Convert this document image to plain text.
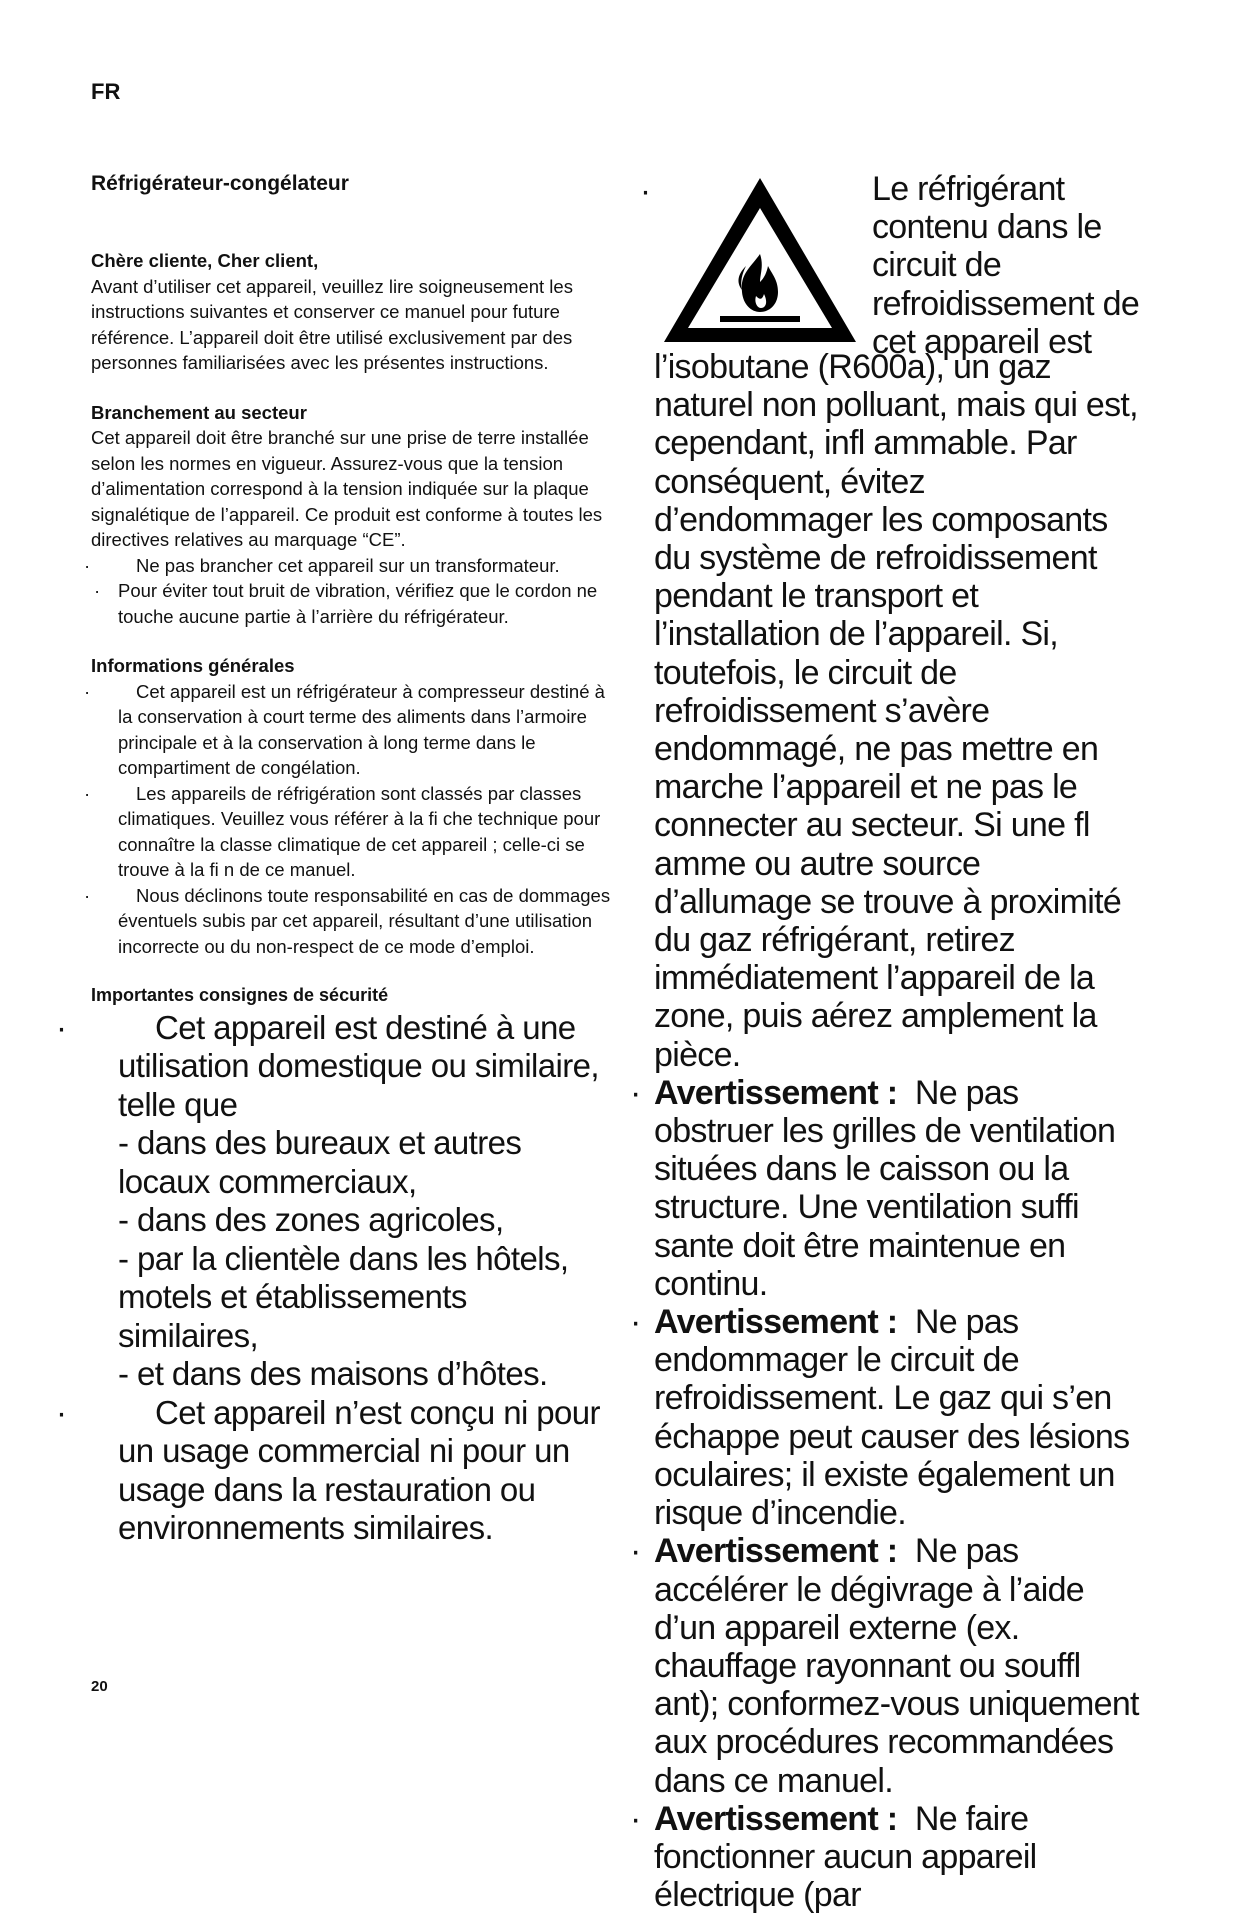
FR
Réfrigérateur-congélateur

Chère cliente, Cher client,

Avant d’utiliser cet appareil, veuillez lire soigneusement les instructions suivantes et conserver ce manuel pour future référence. L’appareil doit être utilisé exclusivement par des personnes familiarisées avec les présentes instructions.

Branchement au secteur

Cet appareil doit être branché sur une prise de terre installée selon les normes en vigueur. Assurez-vous que la tension d’alimentation correspond à la tension indiquée sur la plaque signalétique de l’appareil. Ce produit est conforme à toutes les directives relatives au marquage “CE”.

· Ne pas brancher cet appareil sur un transformateur.
· Pour éviter tout bruit de vibration, vérifiez que le cordon ne touche aucune partie à l’arrière du réfrigérateur.

Informations générales

· Cet appareil est un réfrigérateur à compresseur destiné à la conservation à court terme des aliments dans l’armoire principale et à la conservation à long terme dans le compartiment de congélation.
· Les appareils de réfrigération sont classés par classes climatiques. Veuillez vous référer à la fi che technique pour connaître la classe climatique de cet appareil ; celle-ci se trouve à la fi n de ce manuel.
· Nous déclinons toute responsabilité en cas de dommages éventuels subis par cet appareil, résultant d’une utilisation incorrecte ou du non-respect de ce mode d’emploi.

Importantes consignes de sécurité

·	Cet appareil est destiné à une utilisation domestique ou similaire, telle que
- dans des bureaux et autres locaux commerciaux,
- dans des zones agricoles,
- par la clientèle dans les hôtels, motels et établissements similaires,
- et dans des maisons d’hôtes.
·	Cet appareil n’est conçu ni pour un usage commercial ni pour un usage dans la restauration ou environnements similaires.
·	Le réfrigérant contenu dans le circuit de refroidissement de cet appareil est

l’isobutane (R600a), un gaz naturel non polluant, mais qui est, cependant, infl ammable. Par conséquent, évitez d’endommager les composants du système de refroidissement pendant le transport et l’installation de l’appareil. Si, toutefois, le circuit de refroidissement s’avère endommagé, ne pas mettre en marche l’appareil et ne pas le connecter au secteur. Si une fl amme ou autre source d’allumage se trouve à proximité du gaz réfrigérant, retirez immédiatement l’appareil de la zone, puis aérez amplement la pièce.

· Avertissement : Ne pas obstruer les grilles de ventilation situées dans le caisson ou la structure. Une ventilation suffi sante doit être maintenue en continu.
· Avertissement : Ne pas endommager le circuit de refroidissement. Le gaz qui s’en échappe peut causer des lésions oculaires; il existe également un risque d’incendie.
· Avertissement : Ne pas accélérer le dégivrage à l’aide d’un appareil externe (ex. chauffage rayonnant ou souffl ant); conformez-vous uniquement aux procédures recommandées dans ce manuel.
· Avertissement : Ne faire fonctionner aucun appareil électrique (par
20
